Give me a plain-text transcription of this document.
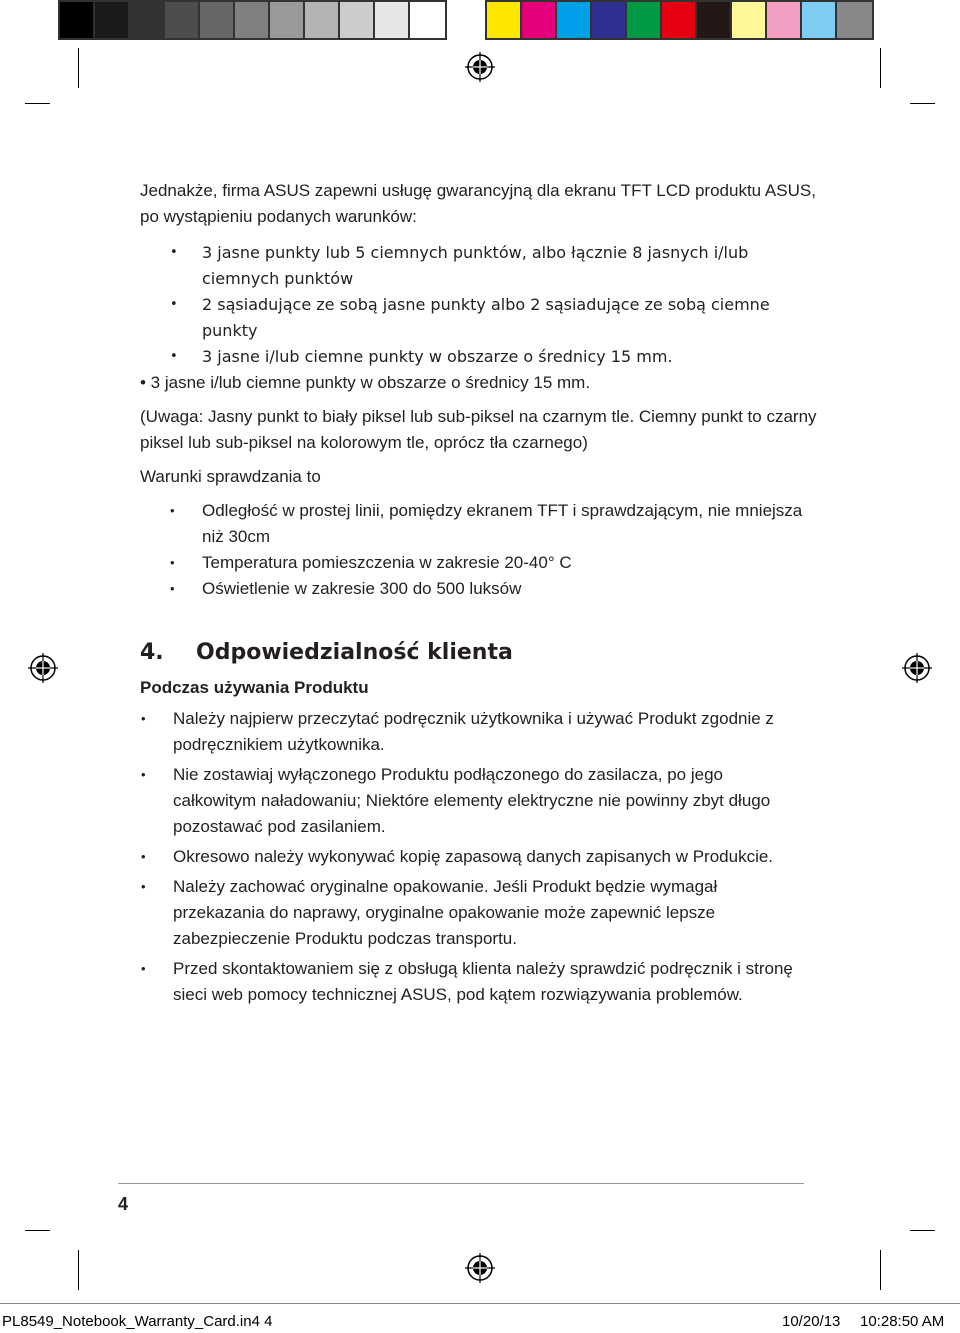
Jednakże, firma ASUS zapewni usługę gwarancyjną dla ekranu TFT LCD produktu ASUS, po wystąpieniu podanych warunków:

• 3 jasne punkty lub 5 ciemnych punktów, albo łącznie 8 jasnych i/lub ciemnych punktów
• 2 sąsiadujące ze sobą jasne punkty albo 2 sąsiadujące ze sobą ciemne punkty
• 3 jasne i/lub ciemne punkty w obszarze o średnicy 15 mm.

• 3 jasne i/lub ciemne punkty w obszarze o średnicy 15 mm.

(Uwaga: Jasny punkt to biały piksel lub sub-piksel na czarnym tle. Ciemny punkt to czarny piksel lub sub-piksel na kolorowym tle, oprócz tła czarnego)

Warunki sprawdzania to

• Odległość w prostej linii, pomiędzy ekranem TFT i sprawdzającym, nie mniejsza niż 30cm
• Temperatura pomieszczenia w zakresie 20-40° C
• Oświetlenie w zakresie 300 do 500 luksów
4. Odpowiedzialność klienta
Podczas używania Produktu
• Należy najpierw przeczytać podręcznik użytkownika i używać Produkt zgodnie z podręcznikiem użytkownika.
• Nie zostawiaj wyłączonego Produktu podłączonego do zasilacza, po jego całkowitym naładowaniu; Niektóre elementy elektryczne nie powinny zbyt długo pozostawać pod zasilaniem.
• Okresowo należy wykonywać kopię zapasową danych zapisanych w Produkcie.
• Należy zachować oryginalne opakowanie. Jeśli Produkt będzie wymagał przekazania do naprawy, oryginalne opakowanie może zapewnić lepsze zabezpieczenie Produktu podczas transportu.
• Przed skontaktowaniem się z obsługą klienta należy sprawdzić podręcznik i stronę sieci web pomocy technicznej ASUS, pod kątem rozwiązywania problemów.
4
PL8549_Notebook_Warranty_Card.in4 4	10/20/13 10:28:50 AM
